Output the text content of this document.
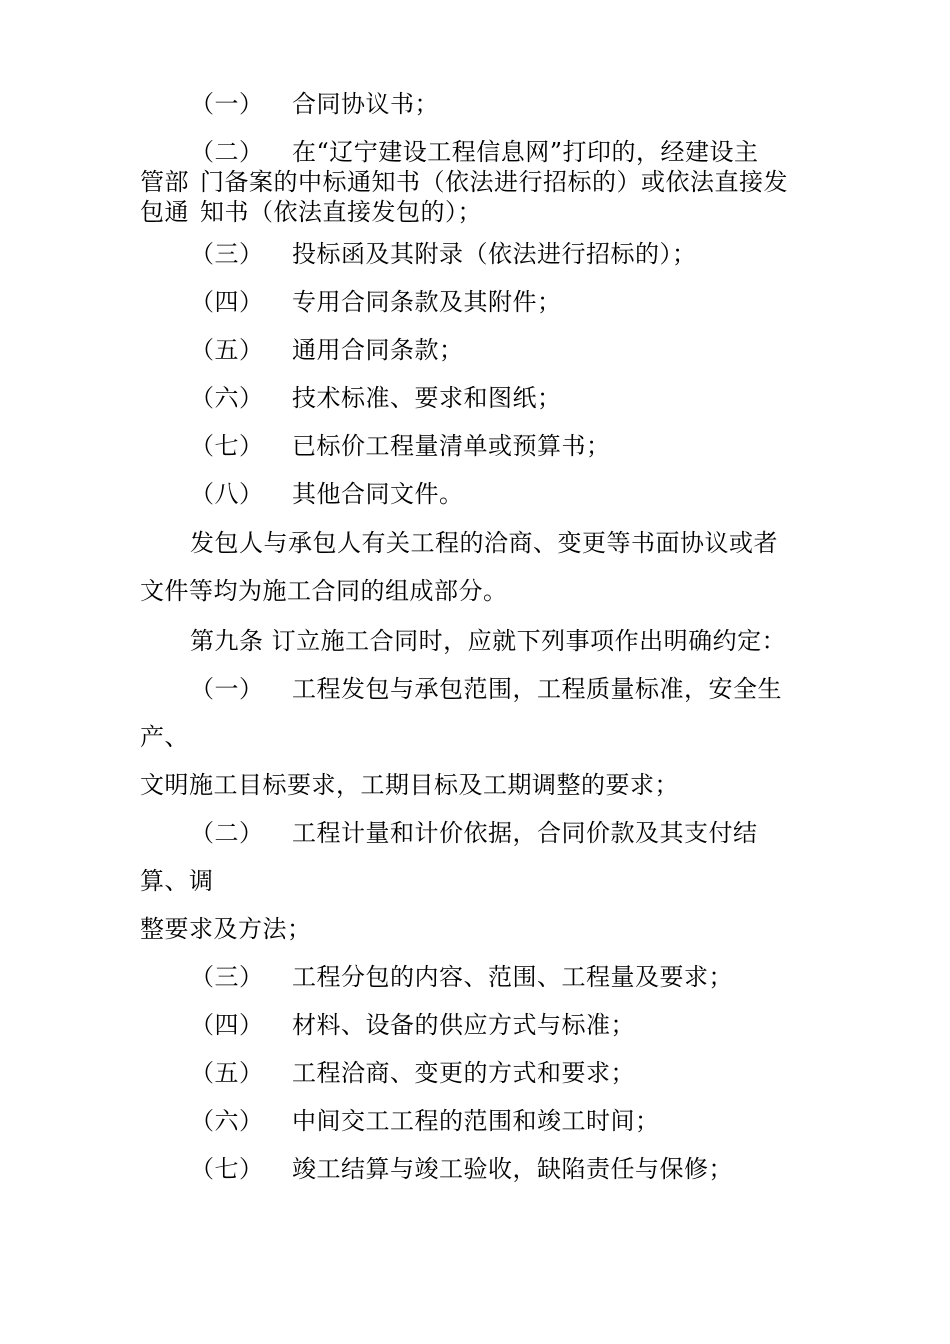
（一） 合同协议书；
（二） 在“辽宁建设工程信息网”打印的，经建设主
管部 门备案的中标通知书（依法进行招标的）或依法直接发
包通 知书（依法直接发包的）；
（三） 投标函及其附录（依法进行招标的）；
（四） 专用合同条款及其附件；
（五） 通用合同条款；
（六） 技术标准、要求和图纸；
（七） 已标价工程量清单或预算书；
（八） 其他合同文件。
发包人与承包人有关工程的洽商、变更等书面协议或者
文件等均为施工合同的组成部分。
第九条 订立施工合同时，应就下列事项作出明确约定：
（一） 工程发包与承包范围，工程质量标准，安全生
产、
文明施工目标要求，工期目标及工期调整的要求；
（二） 工程计量和计价依据，合同价款及其支付结
算、调
整要求及方法；
（三） 工程分包的内容、范围、工程量及要求；
（四） 材料、设备的供应方式与标准；
（五） 工程洽商、变更的方式和要求；
（六） 中间交工工程的范围和竣工时间；
（七） 竣工结算与竣工验收，缺陷责任与保修；
